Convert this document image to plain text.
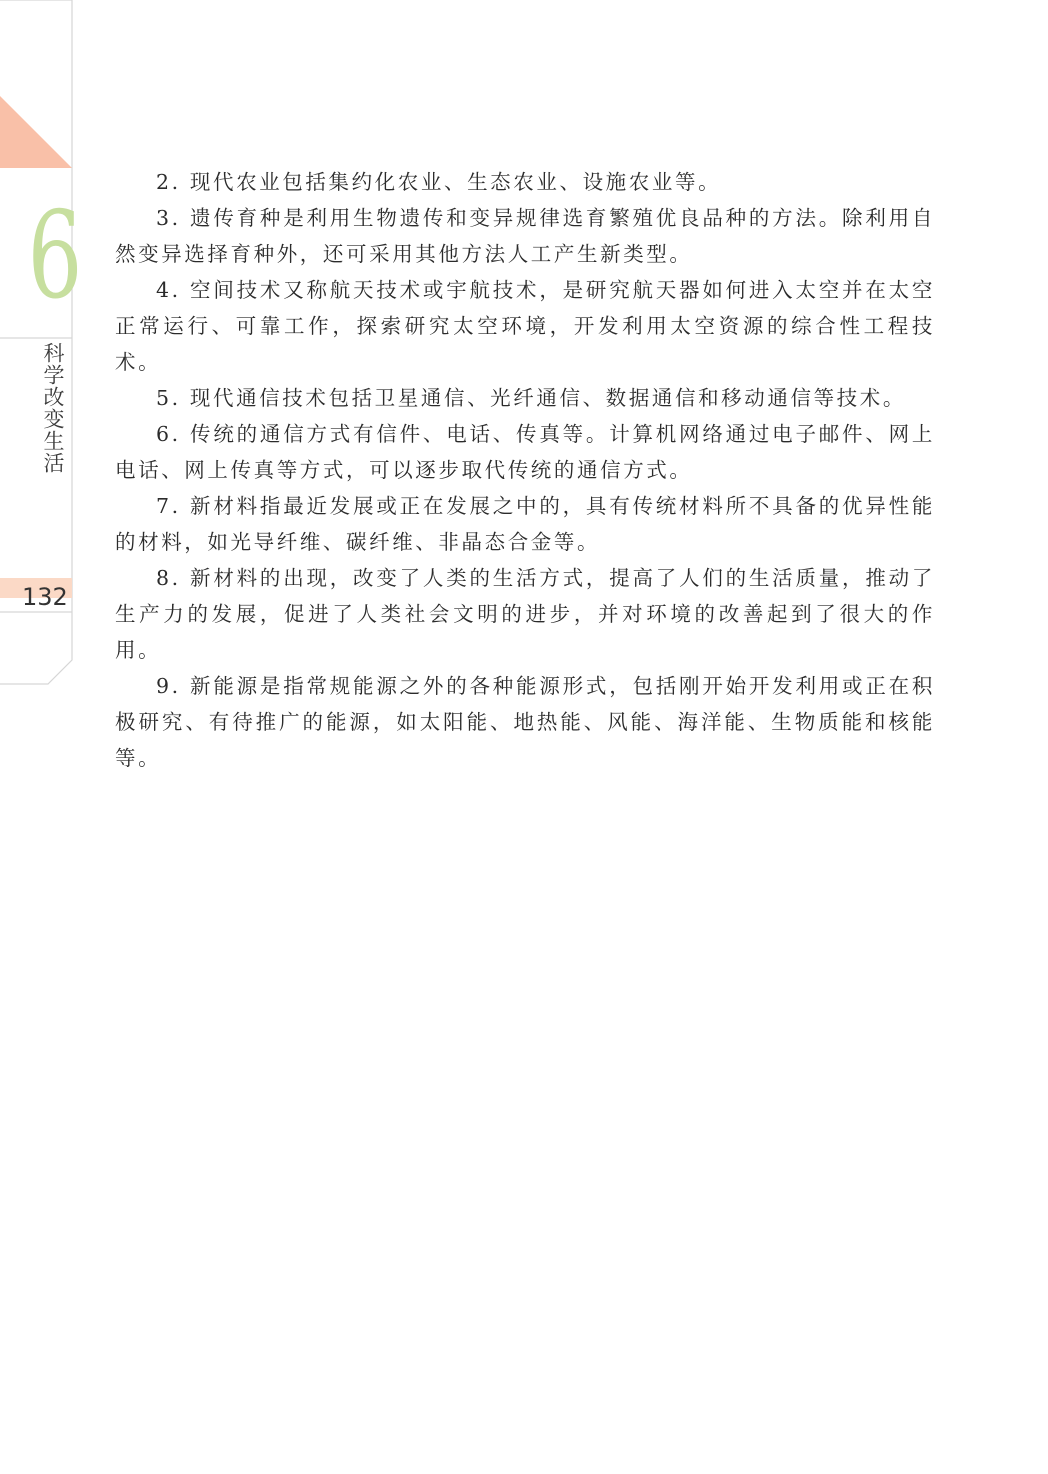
6
科学改变生活
132

2. 现代农业包括集约化农业、生态农业、设施农业等。

3. 遗传育种是利用生物遗传和变异规律选育繁殖优良品种的方法。除利用自然变异选择育种外，还可采用其他方法人工产生新类型。

4. 空间技术又称航天技术或宇航技术，是研究航天器如何进入太空并在太空正常运行、可靠工作，探索研究太空环境，开发利用太空资源的综合性工程技术。

5. 现代通信技术包括卫星通信、光纤通信、数据通信和移动通信等技术。

6. 传统的通信方式有信件、电话、传真等。计算机网络通过电子邮件、网上电话、网上传真等方式，可以逐步取代传统的通信方式。

7. 新材料指最近发展或正在发展之中的，具有传统材料所不具备的优异性能的材料，如光导纤维、碳纤维、非晶态合金等。

8. 新材料的出现，改变了人类的生活方式，提高了人们的生活质量，推动了生产力的发展，促进了人类社会文明的进步，并对环境的改善起到了很大的作用。

9. 新能源是指常规能源之外的各种能源形式，包括刚开始开发利用或正在积极研究、有待推广的能源，如太阳能、地热能、风能、海洋能、生物质能和核能等。
